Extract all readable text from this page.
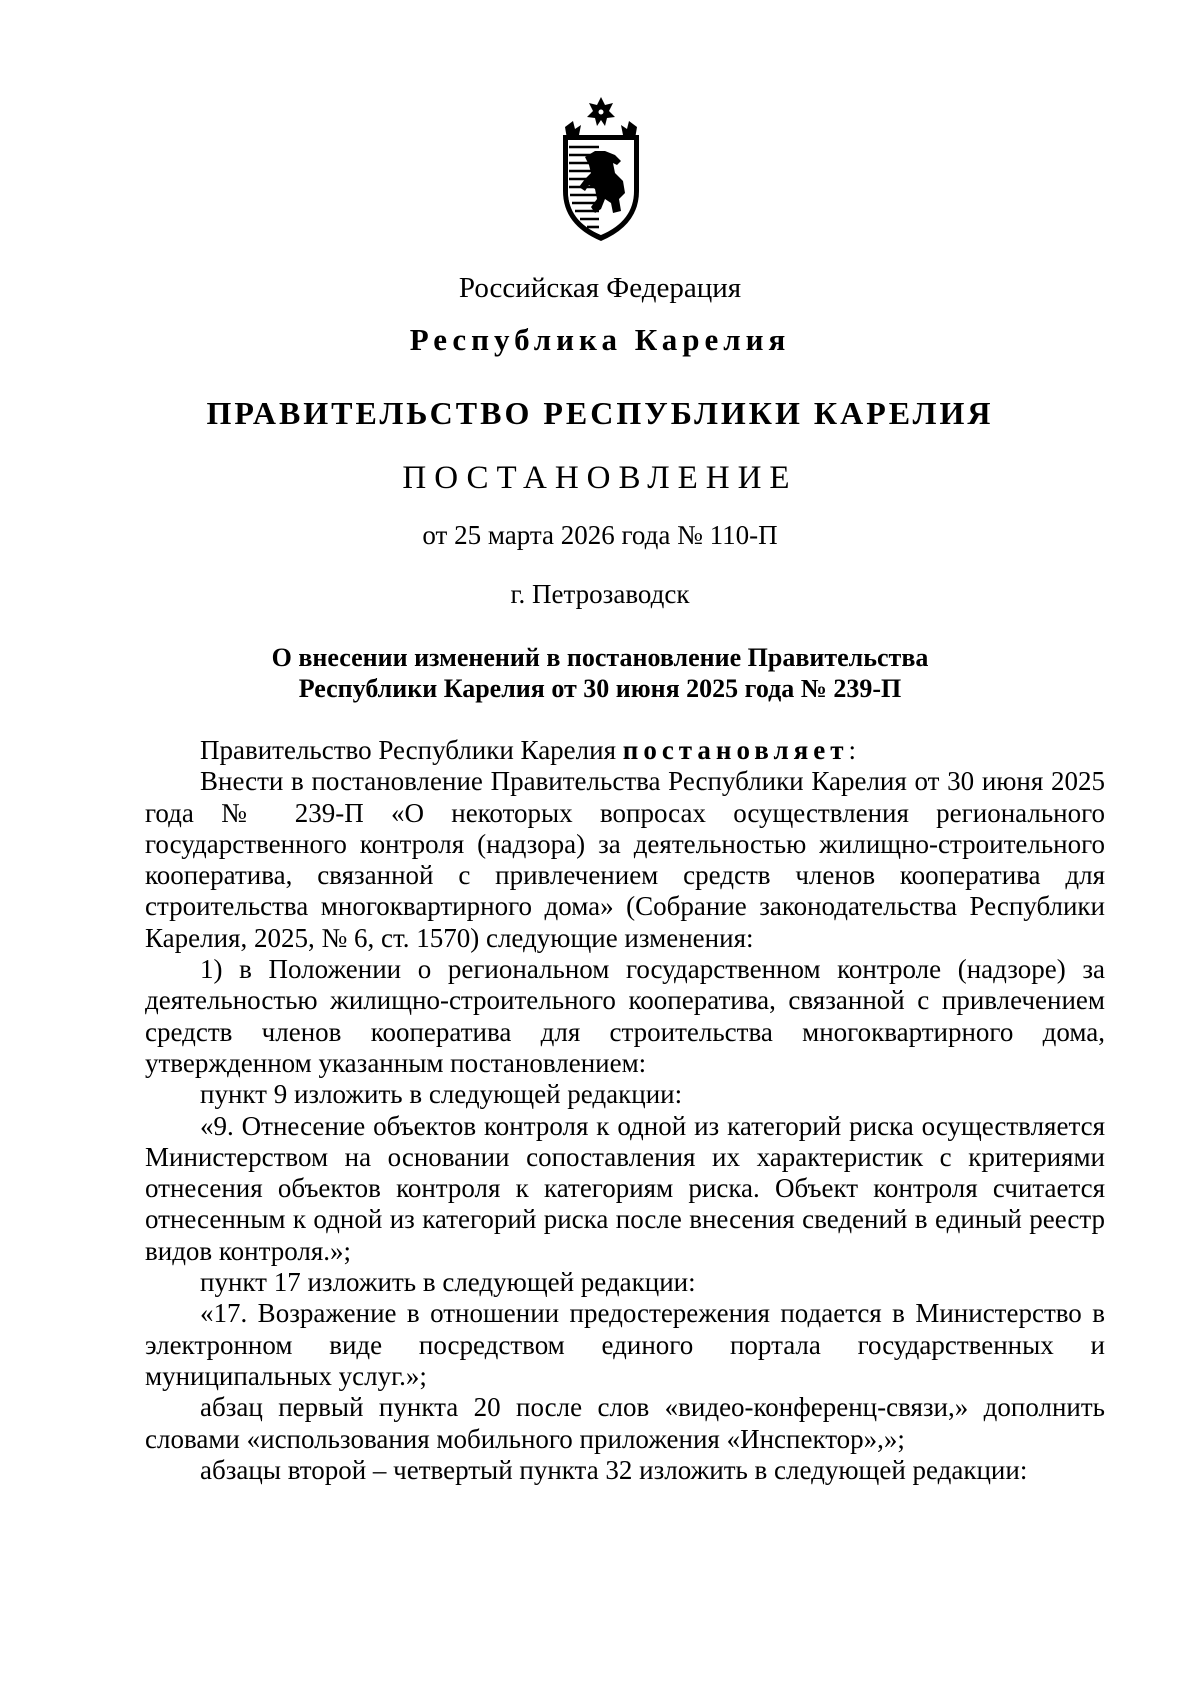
Российская Федерация
Республика Карелия
ПРАВИТЕЛЬСТВО РЕСПУБЛИКИ КАРЕЛИЯ
ПОСТАНОВЛЕНИЕ
от 25 марта 2026 года № 110-П
г. Петрозаводск
О внесении изменений в постановление Правительства
Республики Карелия от 30 июня 2025 года № 239-П

Правительство Республики Карелия постановляет:

Внести в постановление Правительства Республики Карелия от 30 июня 2025 года № 239-П «О некоторых вопросах осуществления регионального государственного контроля (надзора) за деятельностью жилищно-строительного кооператива, связанной с привлечением средств членов кооператива для строительства многоквартирного дома» (Собрание законодательства Республики Карелия, 2025, № 6, ст. 1570) следующие изменения:

1) в Положении о региональном государственном контроле (надзоре) за деятельностью жилищно-строительного кооператива, связанной с привлечением средств членов кооператива для строительства многоквартирного дома, утвержденном указанным постановлением:

пункт 9 изложить в следующей редакции:

«9. Отнесение объектов контроля к одной из категорий риска осуществляется Министерством на основании сопоставления их характеристик с критериями отнесения объектов контроля к категориям риска. Объект контроля считается отнесенным к одной из категорий риска после внесения сведений в единый реестр видов контроля.»;

пункт 17 изложить в следующей редакции:

«17. Возражение в отношении предостережения подается в Министерство в электронном виде посредством единого портала государственных и муниципальных услуг.»;

абзац первый пункта 20 после слов «видео-конференц-связи,» дополнить словами «использования мобильного приложения «Инспектор»,»;

абзацы второй – четвертый пункта 32 изложить в следующей редакции:
